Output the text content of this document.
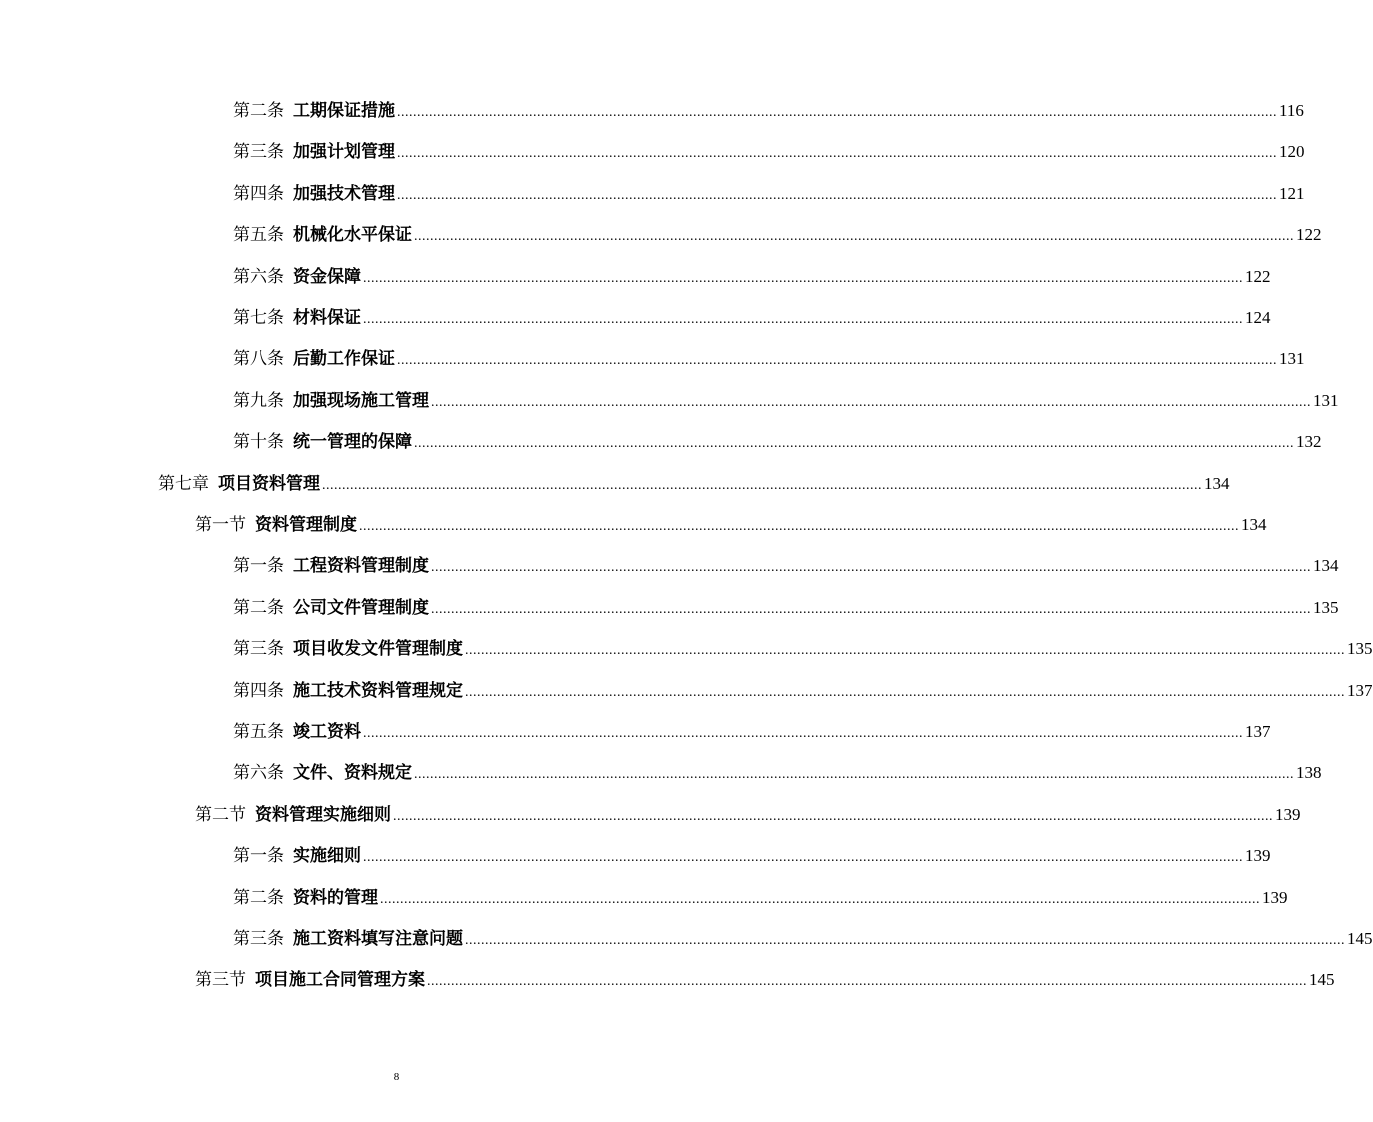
第二条 工期保证措施 ............................................................................................................................................................................................................................ 116
第三条 加强计划管理 ............................................................................................................................................................................................................................ 120
第四条 加强技术管理 ............................................................................................................................................................................................................................ 121
第五条 机械化水平保证 ............................................................................................................................................................................................................................ 122
第六条 资金保障 ............................................................................................................................................................................................................................ 122
第七条 材料保证 ............................................................................................................................................................................................................................ 124
第八条 后勤工作保证 ............................................................................................................................................................................................................................ 131
第九条 加强现场施工管理 ............................................................................................................................................................................................................................ 131
第十条 统一管理的保障 ............................................................................................................................................................................................................................ 132
第七章 项目资料管理 ............................................................................................................................................................................................................................ 134
第一节 资料管理制度 ............................................................................................................................................................................................................................ 134
第一条 工程资料管理制度 ............................................................................................................................................................................................................................ 134
第二条 公司文件管理制度 ............................................................................................................................................................................................................................ 135
第三条 项目收发文件管理制度 ............................................................................................................................................................................................................................ 135
第四条 施工技术资料管理规定 ............................................................................................................................................................................................................................ 137
第五条 竣工资料 ............................................................................................................................................................................................................................ 137
第六条 文件、资料规定 ............................................................................................................................................................................................................................ 138
第二节 资料管理实施细则 ............................................................................................................................................................................................................................ 139
第一条 实施细则 ............................................................................................................................................................................................................................ 139
第二条 资料的管理 ............................................................................................................................................................................................................................ 139
第三条 施工资料填写注意问题 ............................................................................................................................................................................................................................ 145
第三节 项目施工合同管理方案 ............................................................................................................................................................................................................................ 145
8
